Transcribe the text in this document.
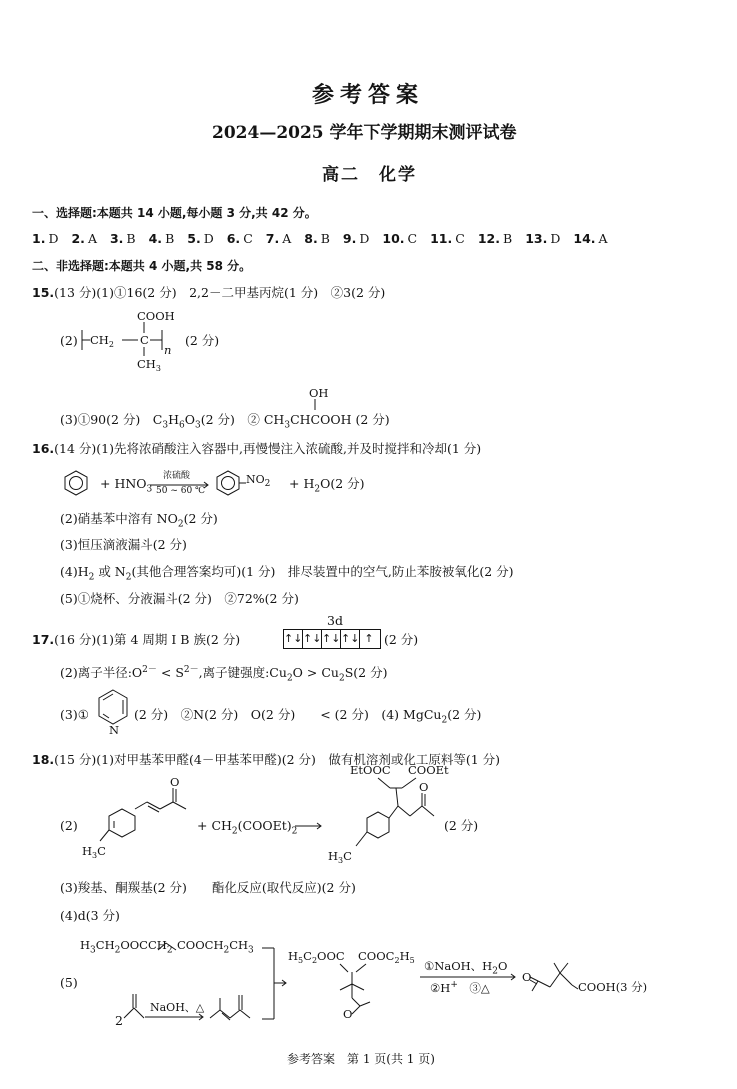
参考答案
2024—2025 学年下学期期末测评试卷
高二　化学
一、选择题:本题共 14 小题,每小题 3 分,共 42 分。
1. D 2. A 3. B 4. B 5. D 6. C 7. A 8. B 9. D 10. C 11. C 12. B 13. D 14. A
二、非选择题:本题共 4 小题,共 58 分。
15.(13 分)(1)①16(2 分)　2,2－二甲基丙烷(1 分)　②3(2 分)
(2) $CH_2$ C
COOH
$CH_3$
n
(2 分)
OH
(3)①90(2 分)　$C_3H_6O_3(2$ 分)　② $CH_3CHCOOH$ (2 分)
16.(14 分)(1)先将浓硝酸注入容器中,再慢慢注入浓硫酸,并及时搅拌和冷却(1 分)
+ $HNO_3$
浓硫酸
50 ~ 60 ℃
$NO_2 + H_2O(2$ 分)
(2)硝基苯中溶有 $NO_2(2$ 分)
(3)恒压滴液漏斗(2 分)
$(4)H_2$ 或 $N_2$(其他合理答案均可)(1 分)　排尽装置中的空气,防止苯胺被氧化(2 分)
(5)①烧杯、分液漏斗(2 分)　②72%(2 分)
3d
17.(16 分)(1)第 4 周期 Ⅰ B 族(2 分)	↑↓ ↑↓ ↑↓ ↑↓ ↑ (2 分)
(2)离子半径$:O^{2-} < S^{2-}$,离子键强度$:Cu_2O > Cu_2S(2$ 分)
(3)①
N
(2 分)　②N(2 分)　O(2 分)　　< (2 分)　(4) MgCu$_2$(2 分)
18.(15 分)(1)对甲基苯甲醛(4－甲基苯甲醛)(2 分)　做有机溶剂或化工原料等(1 分)
(2)
$H_3C$
O
+ $CH_2(COOEt)_2$
EtOOC COOEt
O
$H_3C$
(2 分)
(3)羧基、酮羰基(2 分)　　酯化反应(取代反应)(2 分)
(4)d(3 分)
(5)
$H_3CH_2OOCCH_2$ $COOCH_2CH_3$
2
NaOH、△
$H_5C_2OOC$ $COOC_2H_5$
O
①NaOH、$H_2O$
②H+　 ③△
O
COOH(3 分)
参考答案　第 1 页(共 1 页)
